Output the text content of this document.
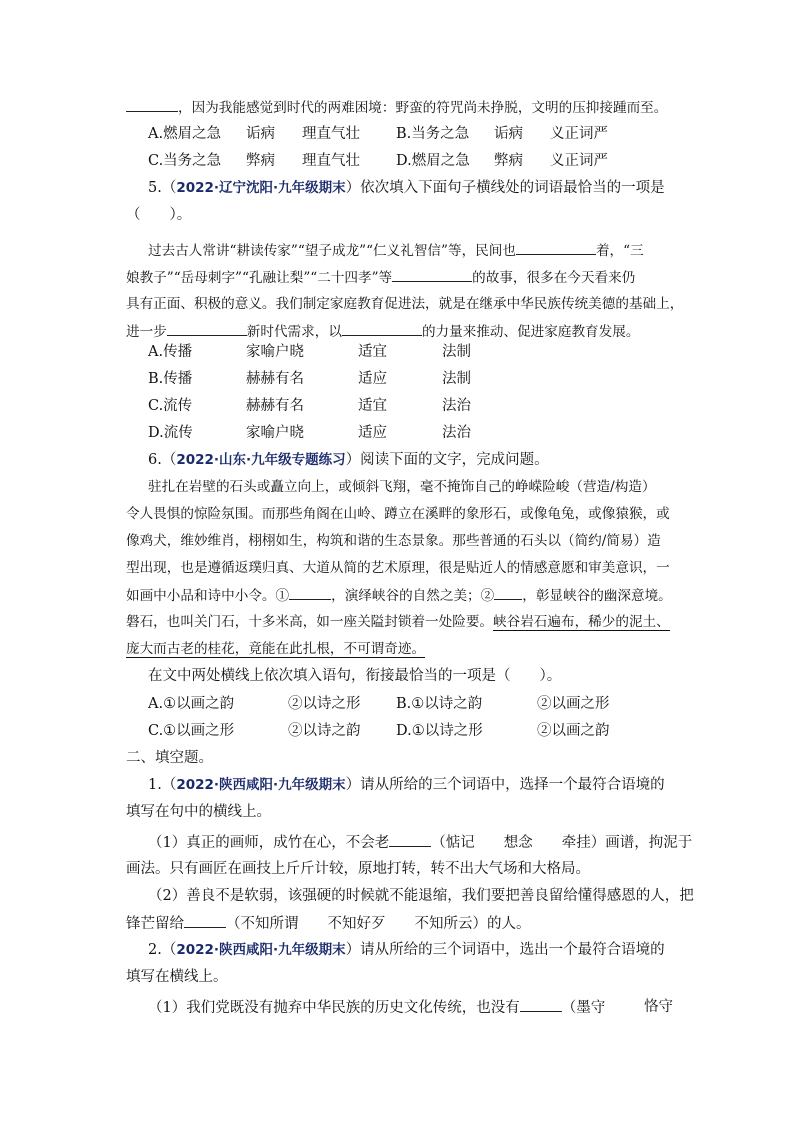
，因为我能感觉到时代的两难困境：野蛮的符咒尚未挣脱，文明的压抑接踵而至。
A.燃眉之急 诟病 理直气壮 B.当务之急 诟病 义正词严
C.当务之急 弊病 理直气壮 D.燃眉之急 弊病 义正词严
5.（2022·辽宁沈阳·九年级期末）依次填入下面句子横线处的词语最恰当的一项是
（　　）。
过去古人常讲“耕读传家”“望子成龙”“仁义礼智信”等，民间也	着，“三
娘教子”“岳母刺字”“孔融让梨”“二十四孝”等	的故事，很多在今天看来仍
具有正面、积极的意义。我们制定家庭教育促进法，就是在继承中华民族传统美德的基础上，
进一步	新时代需求，以	的力量来推动、促进家庭教育发展。
A.传播	家喻户晓	适宜	法制
B.传播	赫赫有名	适应	法制
C.流传	赫赫有名	适宜	法治
D.流传	家喻户晓	适应	法治
6.（2022·山东·九年级专题练习）阅读下面的文字，完成问题。
驻扎在岩壁的石头或矗立向上，或倾斜飞翔，毫不掩饰自己的峥嵘险峻（营造/构造）
令人畏惧的惊险氛围。而那些角阁在山岭、蹲立在溪畔的象形石，或像龟兔，或像猿猴，或
像鸡犬，维妙维肖，栩栩如生，构筑和谐的生态景象。那些普通的石头以（简约/简易）造
型出现，也是遵循返璞归真、大道从简的艺术原理，很是贴近人的情感意愿和审美意识，一
如画中小品和诗中小令。①	，演绎峡谷的自然之美；② ，彰显峡谷的幽深意境。
磐石，也叫关门石，十多米高，如一座关隘封锁着一处险要。峡谷岩石遍布，稀少的泥土、
庞大而古老的桂花，竟能在此扎根，不可谓奇迹。
在文中两处横线上依次填入语句，衔接最恰当的一项是（　　）。
A.①以画之韵	②以诗之形 B.①以诗之韵	②以画之形
C.①以画之形	②以诗之韵 D.①以诗之形	②以画之韵
二、填空题。
1.（2022·陕西咸阳·九年级期末）请从所给的三个词语中，选择一个最符合语境的
填写在句中的横线上。
（1）真正的画师，成竹在心，不会老	（惦记　　想念　　牵挂）画谱，拘泥于
画法。只有画匠在画技上斤斤计较，原地打转，转不出大气场和大格局。
（2）善良不是软弱，该强硬的时候就不能退缩，我们要把善良留给懂得感恩的人，把
锋芒留给	（不知所谓　　不知好歹　　不知所云）的人。
2.（2022·陕西咸阳·九年级期末）请从所给的三个词语中，选出一个最符合语境的
填写在横线上。
（1）我们党既没有抛弃中华民族的历史文化传统，也没有	（墨守	恪守
